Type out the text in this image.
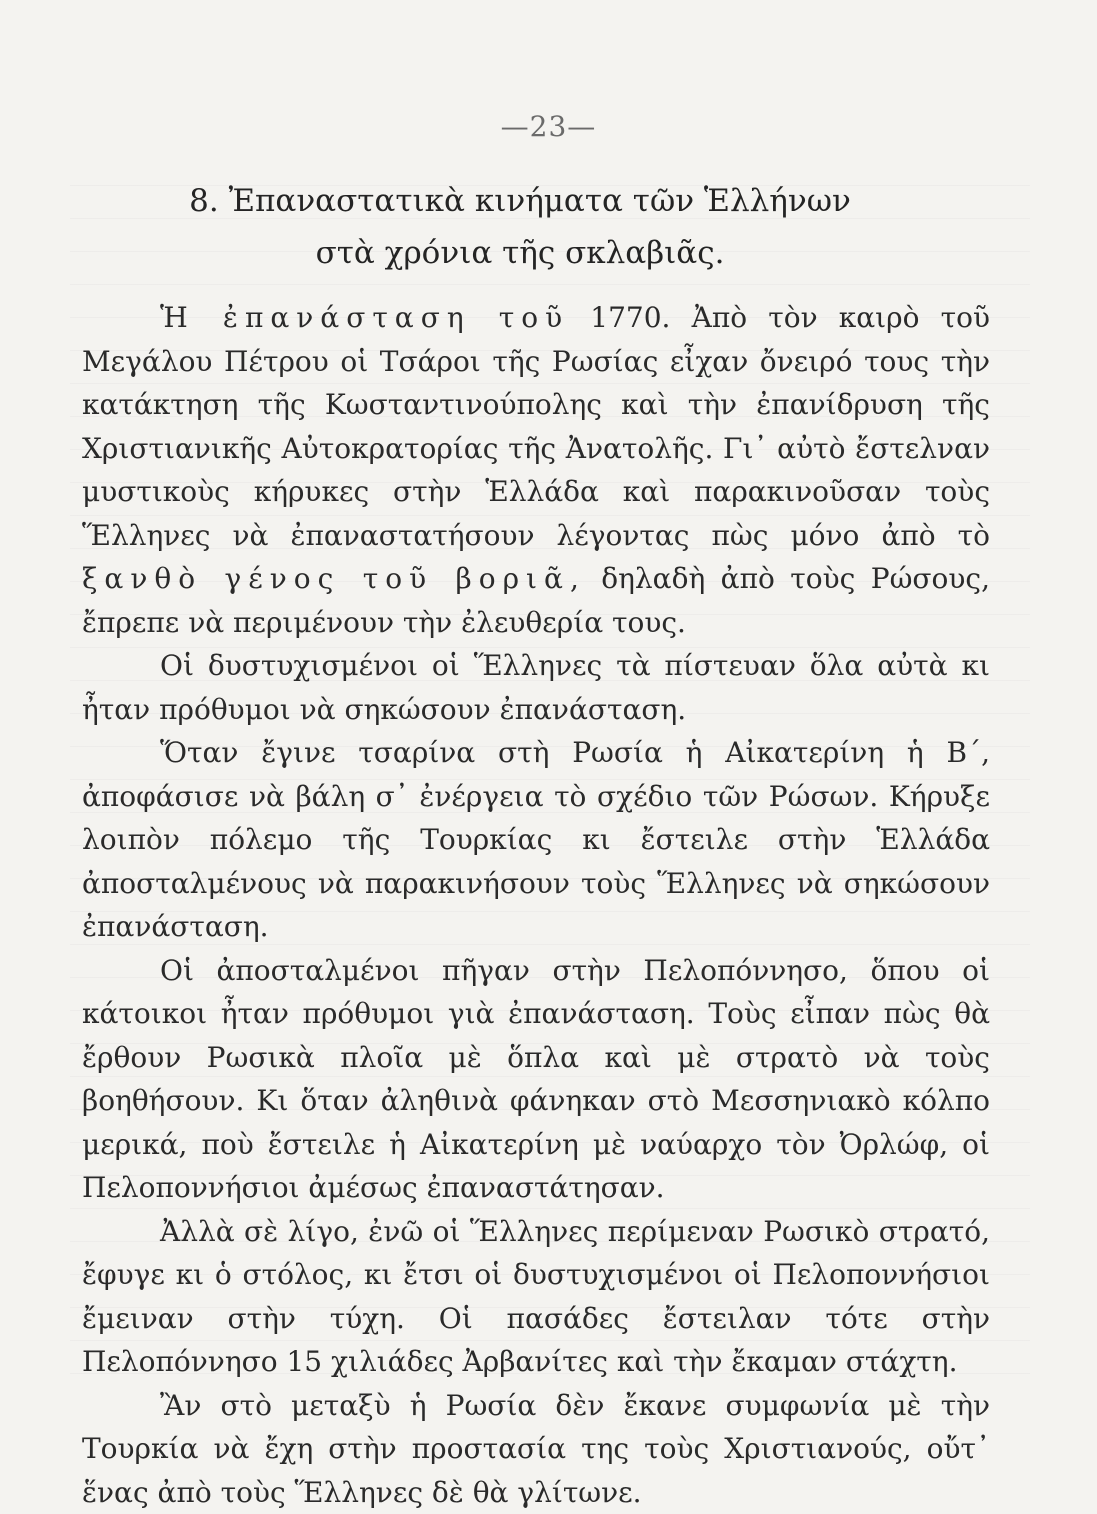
—23—
8. Ἐπαναστατικὰ κινήματα τῶν Ἑλλήνων στὰ χρόνια τῆς σκλαβιᾶς.

Ἡ ἐπανάσταση τοῦ 1770. Ἀπὸ τὸν καιρὸ τοῦ Μεγάλου Πέτρου οἱ Τσάροι τῆς Ρωσίας εἶχαν ὄνειρό τους τὴν κατάκτηση τῆς Κωσταντινούπολης καὶ τὴν ἐπανίδρυση τῆς Χριστιανικῆς Αὐτοκρατορίας τῆς Ἀνατολῆς. Γι᾿ αὐτὸ ἔστελναν μυστικοὺς κήρυκες στὴν Ἑλλάδα καὶ παρακινοῦσαν τοὺς Ἕλληνες νὰ ἐπαναστατήσουν λέγοντας πὼς μόνο ἀπὸ τὸ ξανθὸ γένος τοῦ βοριᾶ, δηλαδὴ ἀπὸ τοὺς Ρώσους, ἔπρεπε νὰ περιμένουν τὴν ἐλευθερία τους.

Οἱ δυστυχισμένοι οἱ Ἕλληνες τὰ πίστευαν ὅλα αὐτὰ κι ἦταν πρόθυμοι νὰ σηκώσουν ἐπανάσταση.

Ὅταν ἔγινε τσαρίνα στὴ Ρωσία ἡ Αἰκατερίνη ἡ Β΄, ἀποφάσισε νὰ βάλη σ᾿ ἐνέργεια τὸ σχέδιο τῶν Ρώσων. Κήρυξε λοιπὸν πόλεμο τῆς Τουρκίας κι ἔστειλε στὴν Ἑλλάδα ἀποσταλμένους νὰ παρακινήσουν τοὺς Ἕλληνες νὰ σηκώσουν ἐπανάσταση.

Οἱ ἀποσταλμένοι πῆγαν στὴν Πελοπόννησο, ὅπου οἱ κάτοικοι ἦταν πρόθυμοι γιὰ ἐπανάσταση. Τοὺς εἶπαν πὼς θὰ ἔρθουν Ρωσικὰ πλοῖα μὲ ὅπλα καὶ μὲ στρατὸ νὰ τοὺς βοηθήσουν. Κι ὅταν ἀληθινὰ φάνηκαν στὸ Μεσσηνιακὸ κόλπο μερικά, ποὺ ἔστειλε ἡ Αἰκατερίνη μὲ ναύαρχο τὸν Ὀρλώφ, οἱ Πελοποννήσιοι ἀμέσως ἐπαναστάτησαν.

Ἀλλὰ σὲ λίγο, ἐνῶ οἱ Ἕλληνες περίμεναν Ρωσικὸ στρατό, ἔφυγε κι ὁ στόλος, κι ἔτσι οἱ δυστυχισμένοι οἱ Πελοποννήσιοι ἔμειναν στὴν τύχη. Οἱ πασάδες ἔστειλαν τότε στὴν Πελοπόννησο 15 χιλιάδες Ἀρβανίτες καὶ τὴν ἔκαμαν στάχτη.

Ἂν στὸ μεταξὺ ἡ Ρωσία δὲν ἔκανε συμφωνία μὲ τὴν Τουρκία νὰ ἔχη στὴν προστασία της τοὺς Χριστιανούς, οὔτ᾿ ἕνας ἀπὸ τοὺς Ἕλληνες δὲ θὰ γλίτωνε.
